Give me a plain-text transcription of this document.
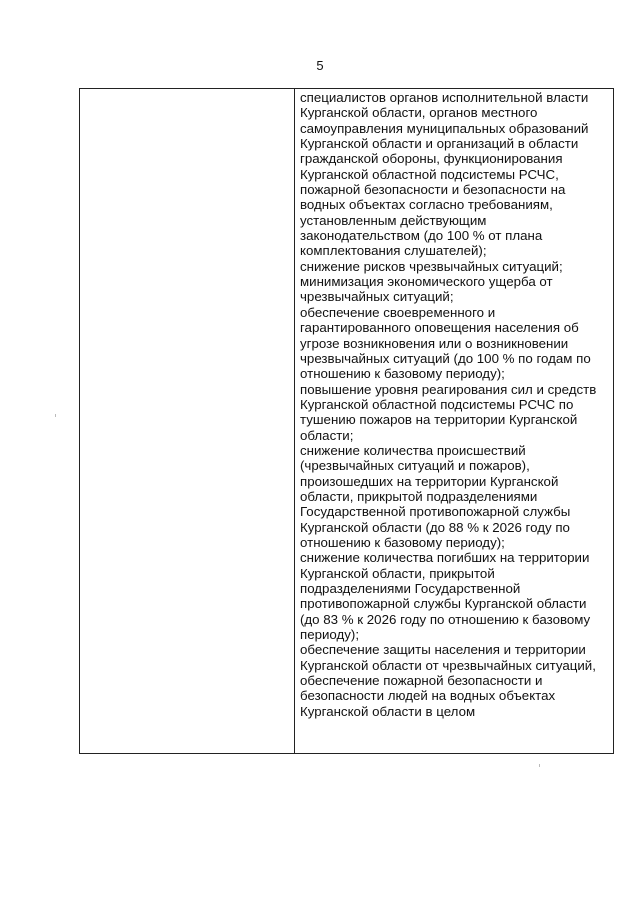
5
специалистов органов исполнительной власти
Курганской области, органов местного
самоуправления муниципальных образований
Курганской области и организаций в области
гражданской обороны, функционирования
Курганской областной подсистемы РСЧС,
пожарной безопасности и безопасности на
водных объектах согласно требованиям,
установленным действующим
законодательством (до 100 % от плана
комплектования слушателей);
снижение рисков чрезвычайных ситуаций;
минимизация экономического ущерба от
чрезвычайных ситуаций;
обеспечение своевременного и
гарантированного оповещения населения об
угрозе возникновения или о возникновении
чрезвычайных ситуаций (до 100 % по годам по
отношению к базовому периоду);
повышение уровня реагирования сил и средств
Курганской областной подсистемы РСЧС по
тушению пожаров на территории Курганской
области;
снижение количества происшествий
(чрезвычайных ситуаций и пожаров),
произошедших на территории Курганской
области, прикрытой подразделениями
Государственной противопожарной службы
Курганской области (до 88 % к 2026 году по
отношению к базовому периоду);
снижение количества погибших на территории
Курганской области, прикрытой
подразделениями Государственной
противопожарной службы Курганской области
(до 83 % к 2026 году по отношению к базовому
периоду);
обеспечение защиты населения и территории
Курганской области от чрезвычайных ситуаций,
обеспечение пожарной безопасности и
безопасности людей на водных объектах
Курганской области в целом
